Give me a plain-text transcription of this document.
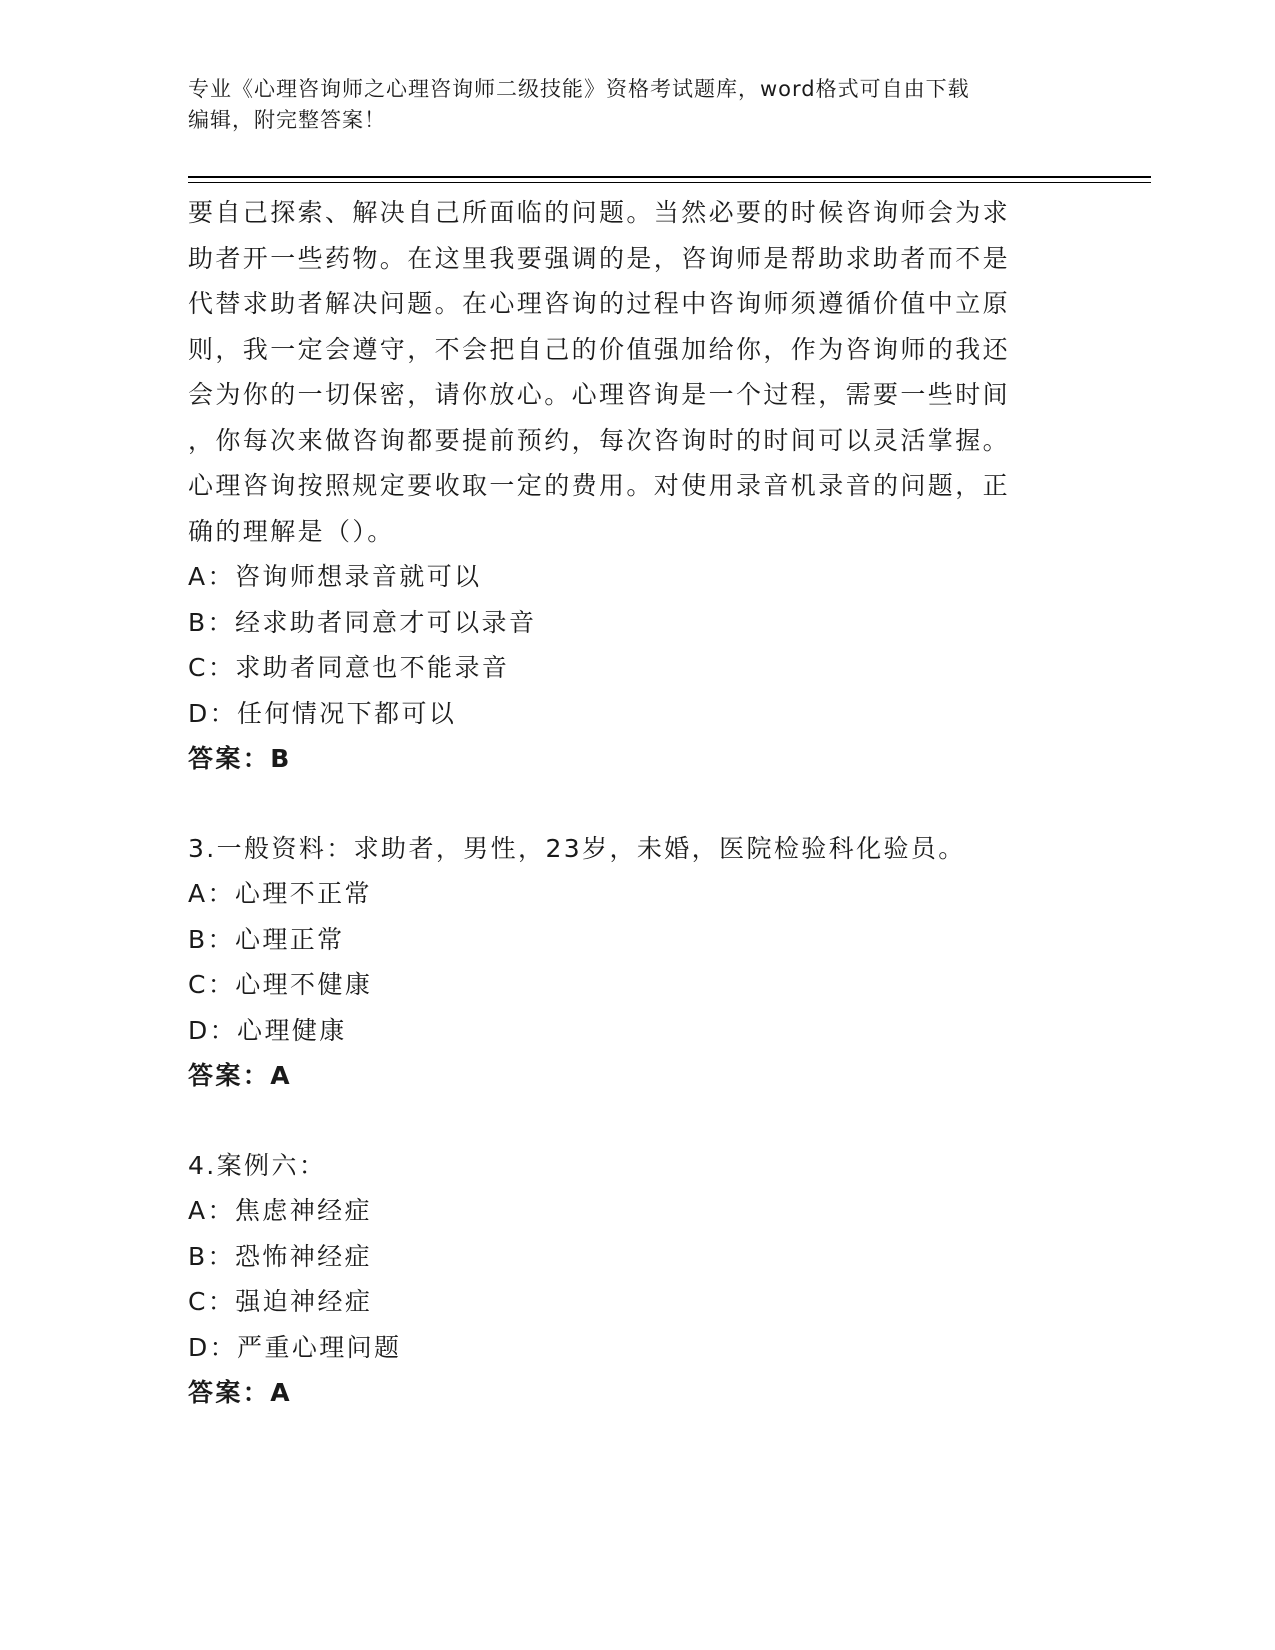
专业《心理咨询师之心理咨询师二级技能》资格考试题库，word格式可自由下载
编辑，附完整答案！
要自己探索、解决自己所面临的问题。当然必要的时候咨询师会为求
助者开一些药物。在这里我要强调的是，咨询师是帮助求助者而不是
代替求助者解决问题。在心理咨询的过程中咨询师须遵循价值中立原
则，我一定会遵守，不会把自己的价值强加给你，作为咨询师的我还
会为你的一切保密，请你放心。心理咨询是一个过程，需要一些时间
，你每次来做咨询都要提前预约，每次咨询时的时间可以灵活掌握。
心理咨询按照规定要收取一定的费用。对使用录音机录音的问题，正
确的理解是（）。
A：咨询师想录音就可以
B：经求助者同意才可以录音
C：求助者同意也不能录音
D：任何情况下都可以
答案：B
3.一般资料：求助者，男性，23岁，未婚，医院检验科化验员。
A：心理不正常
B：心理正常
C：心理不健康
D：心理健康
答案：A
4.案例六：
A：焦虑神经症
B：恐怖神经症
C：强迫神经症
D：严重心理问题
答案：A
